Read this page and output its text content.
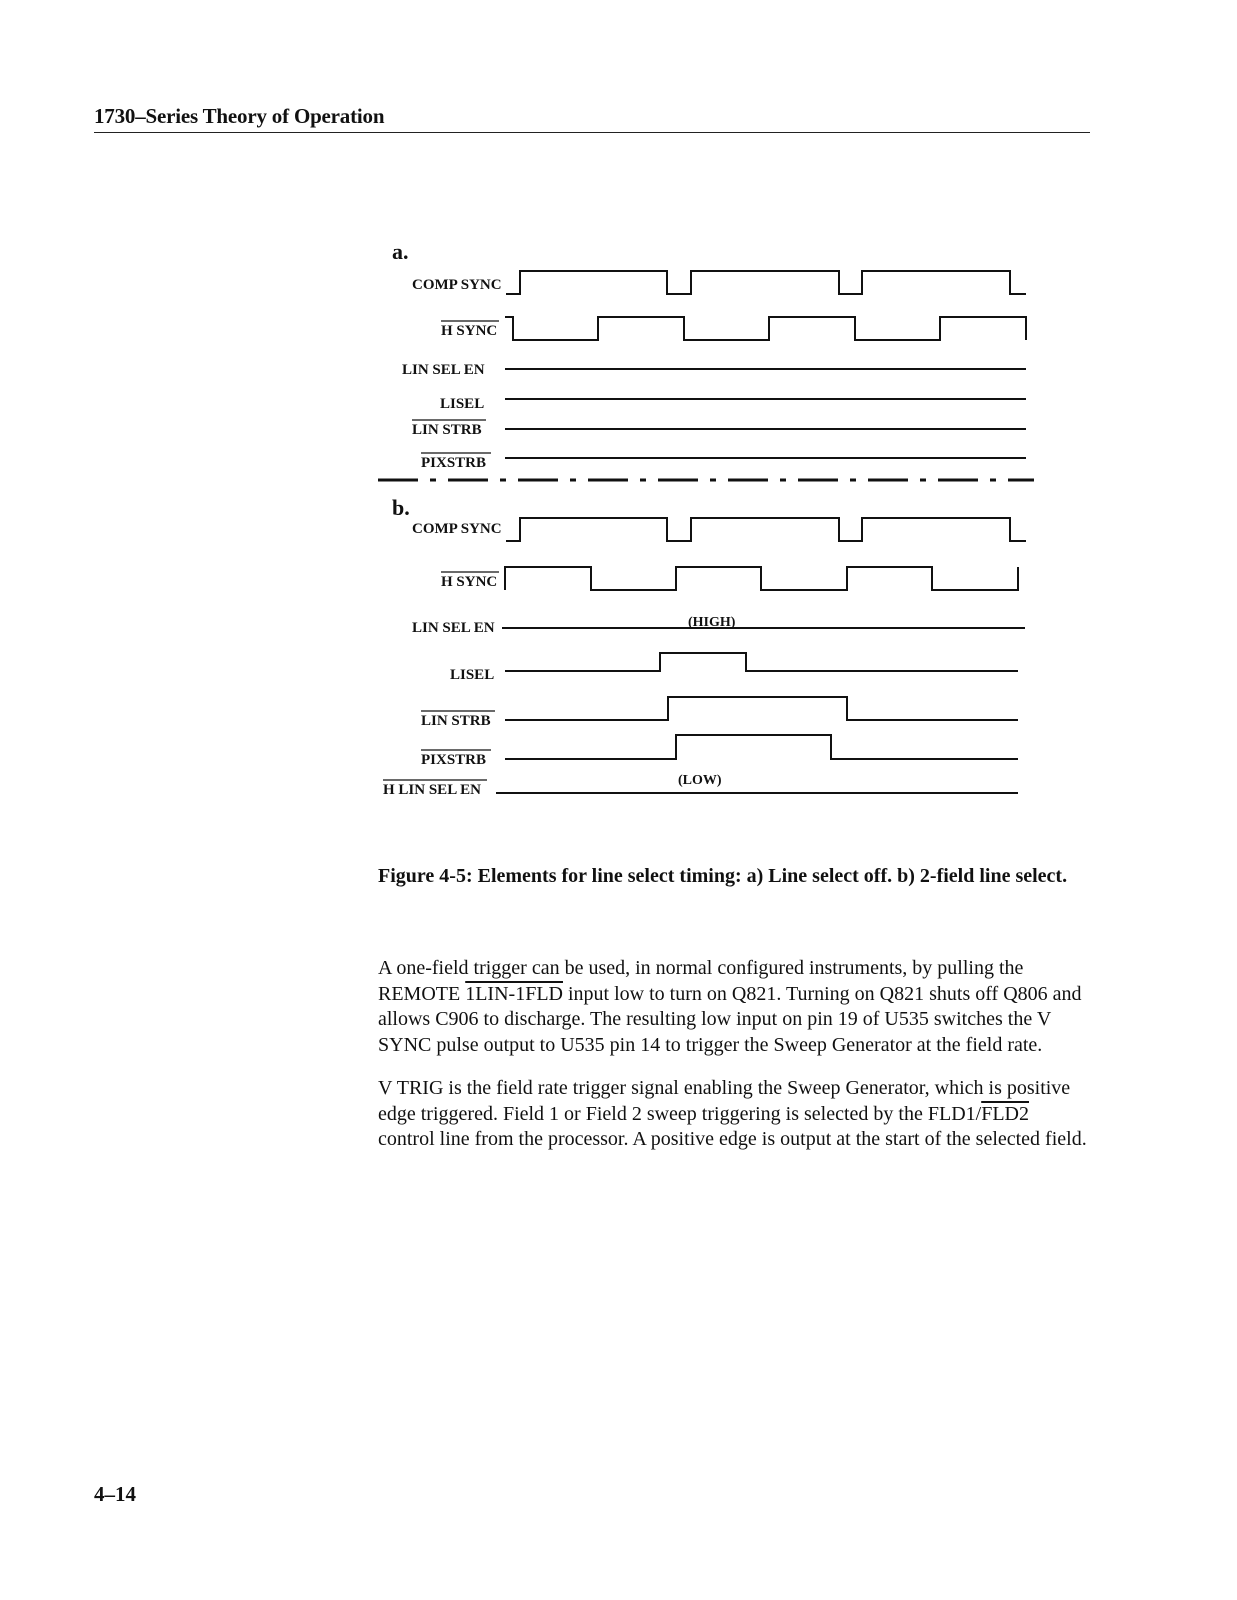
1730–Series Theory of Operation
a.
COMP SYNC
H SYNC
LIN SEL EN
LISEL
LIN STRB
PIXSTRB
b.
COMP SYNC
H SYNC
LIN SEL EN	(HIGH)
LISEL
LIN STRB
PIXSTRB
(LOW)
H LIN SEL EN
Figure 4-5: Elements for line select timing: a) Line select off. b) 2-field line select.

A one-field trigger can be used, in normal configured instruments, by pulling the REMOTE 1LIN-1FLD input low to turn on Q821. Turning on Q821 shuts off Q806 and allows C906 to discharge. The resulting low input on pin 19 of U535 switches the V SYNC pulse output to U535 pin 14 to trigger the Sweep Generator at the field rate.

V TRIG is the field rate trigger signal enabling the Sweep Generator, which is positive edge triggered. Field 1 or Field 2 sweep triggering is selected by the FLD1/FLD2 control line from the processor. A positive edge is output at the start of the selected field.

4–14
